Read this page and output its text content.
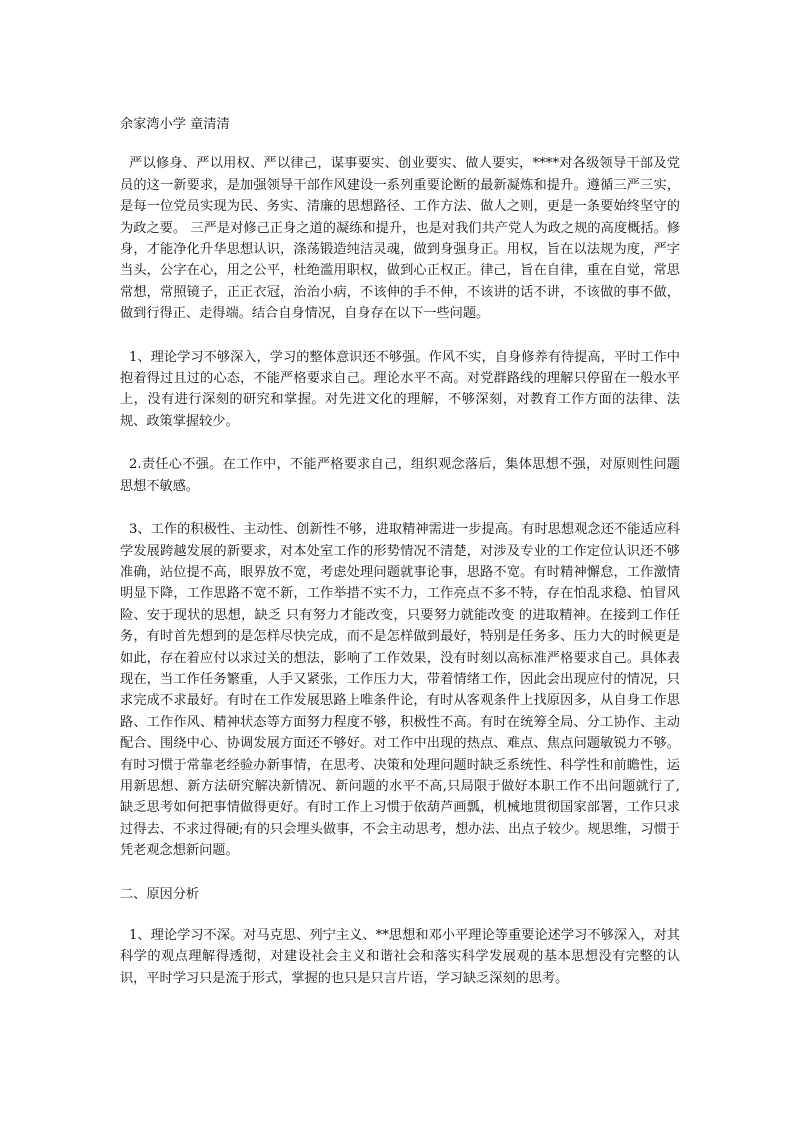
余家湾小学 童清清

严以修身、严以用权、严以律己，谋事要实、创业要实、做人要实，****对各级领导干部及党员的这一新要求，是加强领导干部作风建设一系列重要论断的最新凝炼和提升。遵循三严三实，是每一位党员实现为民、务实、清廉的思想路径、工作方法、做人之则，更是一条要始终坚守的为政之要。 三严是对修己正身之道的凝练和提升，也是对我们共产党人为政之规的高度概括。修身，才能净化升华思想认识，涤荡锻造纯洁灵魂，做到身强身正。用权，旨在以法规为度，严字当头，公字在心，用之公平，杜绝滥用职权，做到心正权正。律己，旨在自律，重在自觉，常思常想，常照镜子，正正衣冠，治治小病，不该伸的手不伸，不该讲的话不讲，不该做的事不做，做到行得正、走得端。结合自身情况，自身存在以下一些问题。

1、理论学习不够深入，学习的整体意识还不够强。作风不实，自身修养有待提高，平时工作中抱着得过且过的心态，不能严格要求自己。理论水平不高。对党群路线的理解只停留在一般水平上，没有进行深刻的研究和掌握。对先进文化的理解，不够深刻，对教育工作方面的法律、法规、政策掌握较少。

2.责任心不强。在工作中，不能严格要求自己，组织观念落后，集体思想不强，对原则性问题思想不敏感。

3、工作的积极性、主动性、创新性不够，进取精神需进一步提高。有时思想观念还不能适应科学发展跨越发展的新要求，对本处室工作的形势情况不清楚，对涉及专业的工作定位认识还不够准确，站位提不高，眼界放不宽，考虑处理问题就事论事，思路不宽。有时精神懈怠，工作激情明显下降，工作思路不宽不新，工作举措不实不力，工作亮点不多不特，存在怕乱求稳、怕冒风险、安于现状的思想，缺乏 只有努力才能改变，只要努力就能改变 的进取精神。在接到工作任务，有时首先想到的是怎样尽快完成，而不是怎样做到最好，特别是任务多、压力大的时候更是如此，存在着应付以求过关的想法，影响了工作效果，没有时刻以高标准严格要求自己。具体表现在，当工作任务繁重，人手又紧张，工作压力大，带着情绪工作，因此会出现应付的情况，只求完成不求最好。有时在工作发展思路上唯条件论，有时从客观条件上找原因多，从自身工作思路、工作作风、精神状态等方面努力程度不够，积极性不高。有时在统筹全局、分工协作、主动配合、围绕中心、协调发展方面还不够好。对工作中出现的热点、难点、焦点问题敏锐力不够。有时习惯于常靠老经验办新事情，在思考、决策和处理问题时缺乏系统性、科学性和前瞻性，运用新思想、新方法研究解决新情况、新问题的水平不高,只局限于做好本职工作不出问题就行了,缺乏思考如何把事情做得更好。有时工作上习惯于依葫芦画瓢，机械地贯彻国家部署，工作只求过得去、不求过得硬;有的只会埋头做事，不会主动思考，想办法、出点子较少。规思维，习惯于凭老观念想新问题。

二、原因分析

1、理论学习不深。对马克思、列宁主义、**思想和邓小平理论等重要论述学习不够深入，对其科学的观点理解得透彻，对建设社会主义和谐社会和落实科学发展观的基本思想没有完整的认识，平时学习只是流于形式，掌握的也只是只言片语，学习缺乏深刻的思考。
